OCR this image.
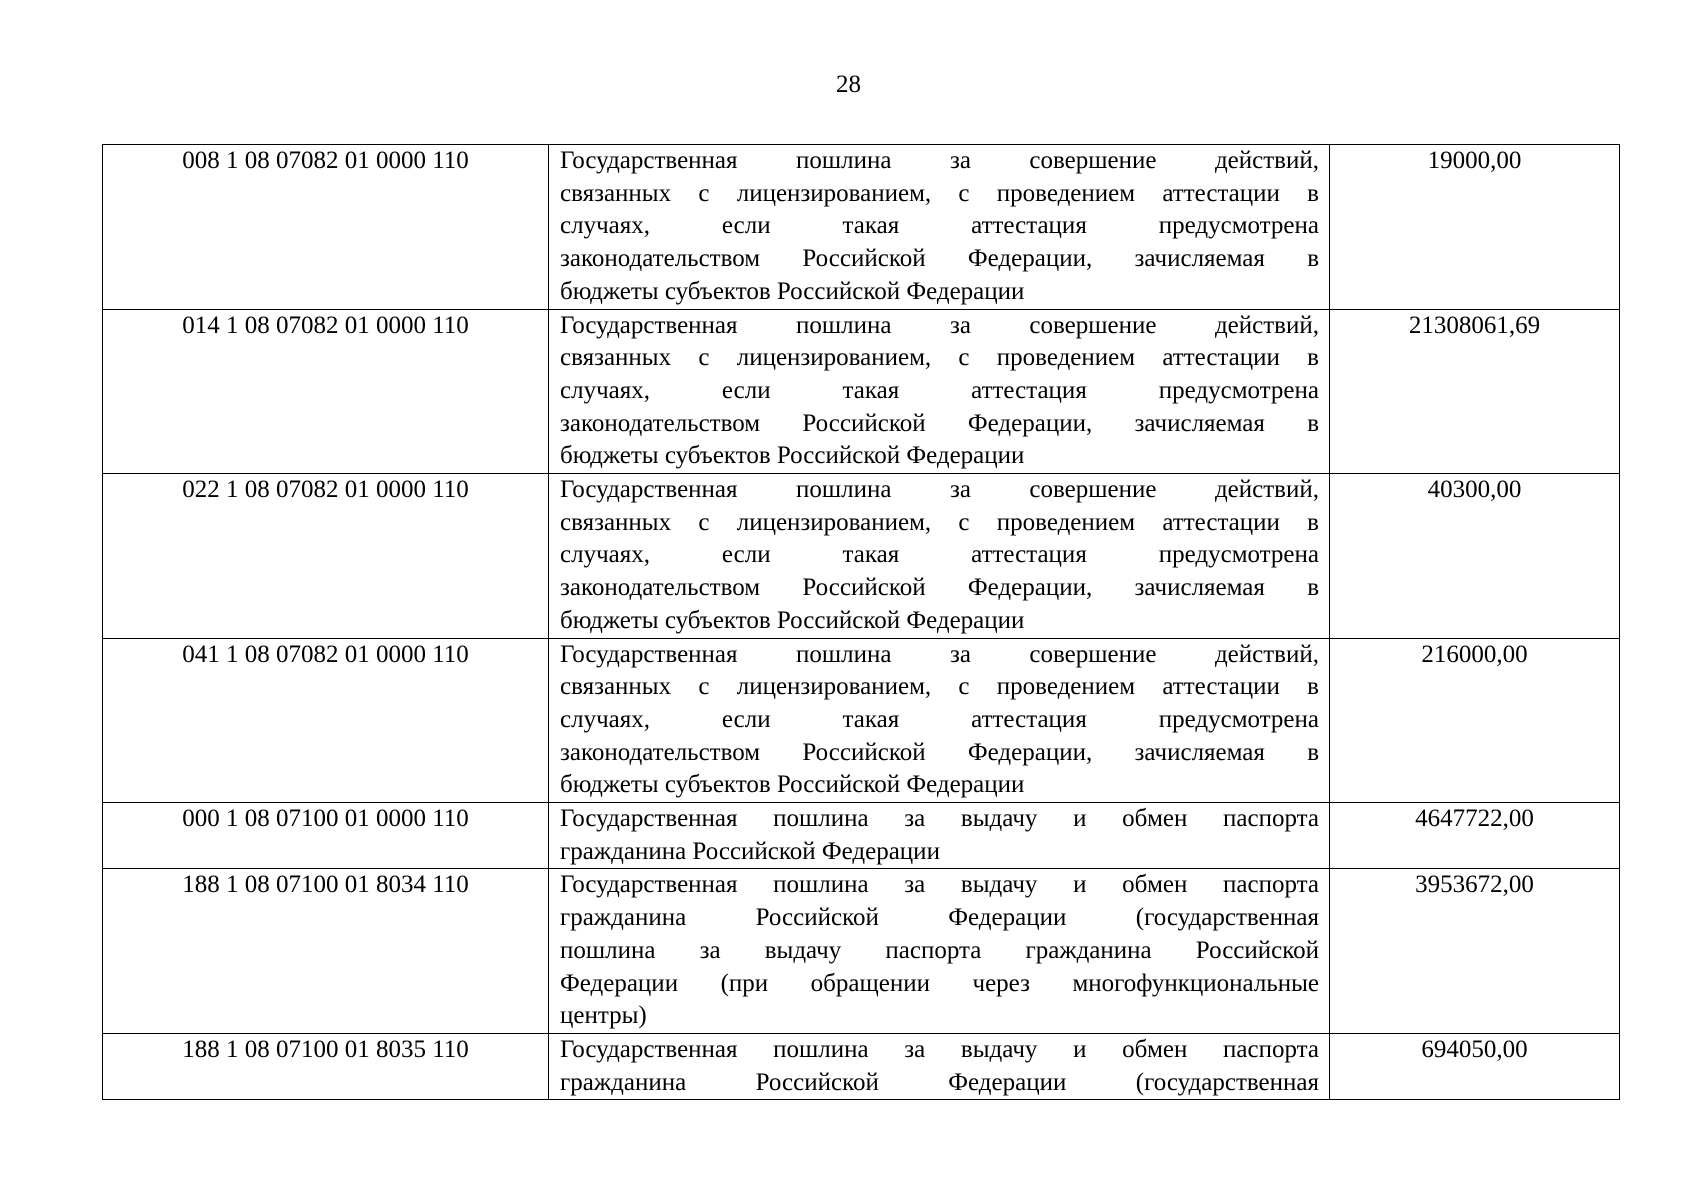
28
008 1 08 07082 01 0000 110	Государственная пошлина за совершение действий,
связанных с лицензированием, с проведением аттестации в
случаях, если такая аттестация предусмотрена
законодательством Российской Федерации, зачисляемая в
бюджеты субъектов Российской Федерации	19000,00
014 1 08 07082 01 0000 110	Государственная пошлина за совершение действий,
связанных с лицензированием, с проведением аттестации в
случаях, если такая аттестация предусмотрена
законодательством Российской Федерации, зачисляемая в
бюджеты субъектов Российской Федерации	21308061,69
022 1 08 07082 01 0000 110	Государственная пошлина за совершение действий,
связанных с лицензированием, с проведением аттестации в
случаях, если такая аттестация предусмотрена
законодательством Российской Федерации, зачисляемая в
бюджеты субъектов Российской Федерации	40300,00
041 1 08 07082 01 0000 110	Государственная пошлина за совершение действий,
связанных с лицензированием, с проведением аттестации в
случаях, если такая аттестация предусмотрена
законодательством Российской Федерации, зачисляемая в
бюджеты субъектов Российской Федерации	216000,00
000 1 08 07100 01 0000 110	Государственная пошлина за выдачу и обмен паспорта
гражданина Российской Федерации	4647722,00
188 1 08 07100 01 8034 110	Государственная пошлина за выдачу и обмен паспорта
гражданина Российской Федерации (государственная
пошлина за выдачу паспорта гражданина Российской
Федерации (при обращении через многофункциональные
центры)	3953672,00
188 1 08 07100 01 8035 110	Государственная пошлина за выдачу и обмен паспорта
гражданина Российской Федерации (государственная	694050,00
